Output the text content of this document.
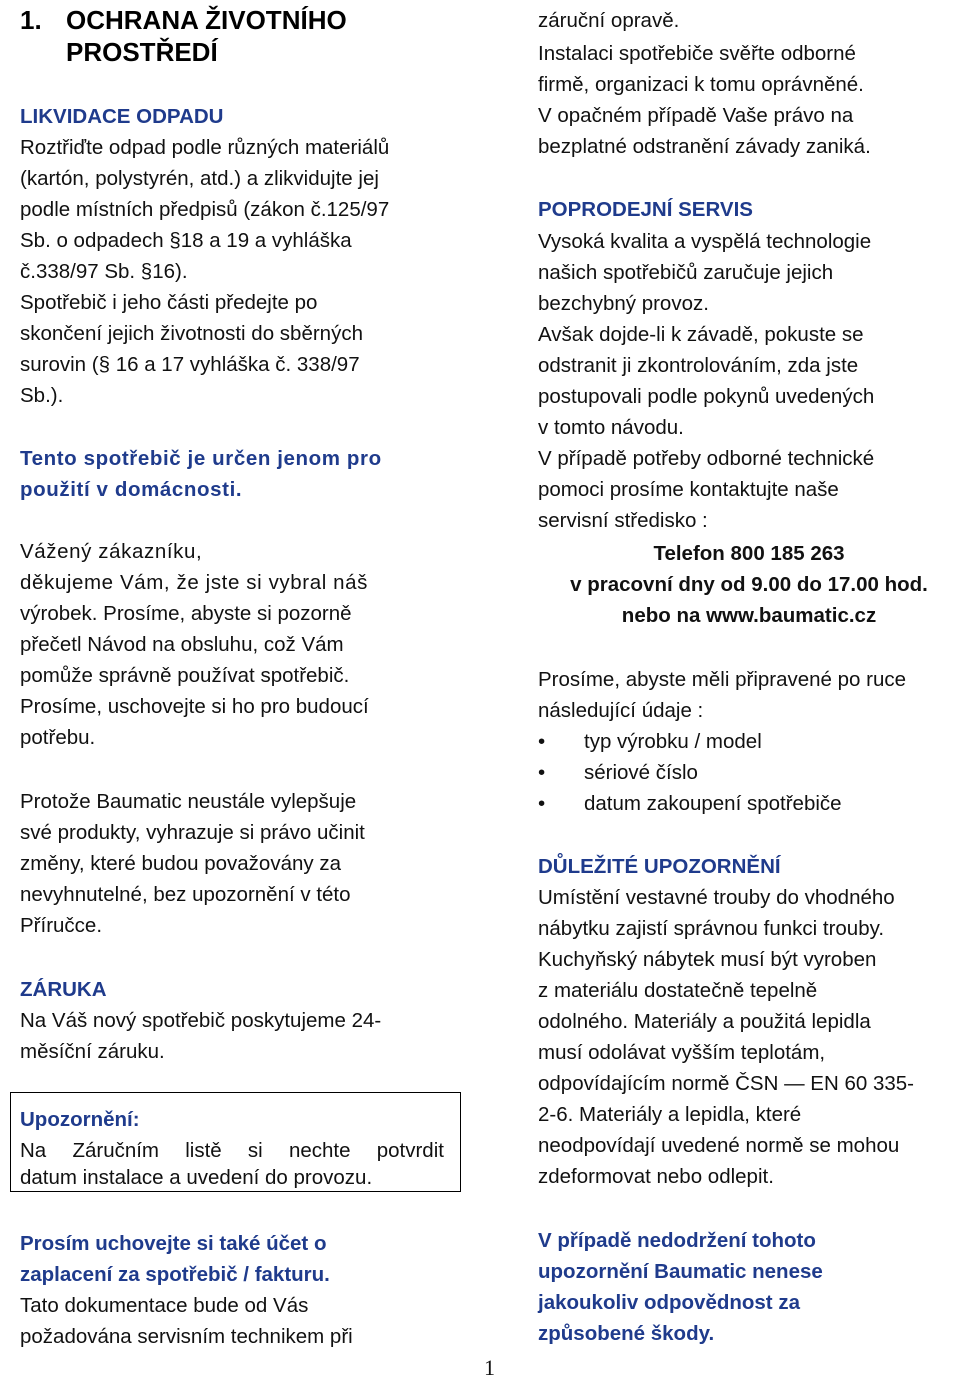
1. OCHRANA ŽIVOTNÍHO
PROSTŘEDÍ
LIKVIDACE ODPADU
Roztřiďte odpad podle různých materiálů
(kartón, polystyrén, atd.) a zlikvidujte jej
podle místních předpisů (zákon č.125/97
Sb. o odpadech §18 a 19 a vyhláška
č.338/97 Sb. §16).
Spotřebič i jeho části předejte po
skončení jejich životnosti do sběrných
surovin (§ 16 a 17 vyhláška č. 338/97
Sb.).
Tento spotřebič je určen jenom pro
použití v domácnosti.
Vážený zákazníku,
děkujeme Vám, že jste si vybral náš
výrobek. Prosíme, abyste si pozorně
přečetl Návod na obsluhu, což Vám
pomůže správně používat spotřebič.
Prosíme, uschovejte si ho pro budoucí
potřebu.
Protože Baumatic neustále vylepšuje
své produkty, vyhrazuje si právo učinit
změny, které budou považovány za
nevyhnutelné, bez upozornění v této
Příručce.
ZÁRUKA
Na Váš nový spotřebič poskytujeme 24-
měsíční záruku.
Upozornění:
Na Záručním listě si nechte potvrdit
datum instalace a uvedení do provozu.
Prosím uchovejte si také účet o
zaplacení za spotřebič / fakturu.
Tato dokumentace bude od Vás
požadována servisním technikem při
záruční opravě.
Instalaci spotřebiče svěřte odborné
firmě, organizaci k tomu oprávněné.
V opačném případě Vaše právo na
bezplatné odstranění závady zaniká.
POPRODEJNÍ SERVIS
Vysoká kvalita a vyspělá technologie
našich spotřebičů zaručuje jejich
bezchybný provoz.
Avšak dojde-li k závadě, pokuste se
odstranit ji zkontrolováním, zda jste
postupovali podle pokynů uvedených
v tomto návodu.
V případě potřeby odborné technické
pomoci prosíme kontaktujte naše
servisní středisko :
Telefon 800 185 263
v pracovní dny od 9.00 do 17.00 hod.
nebo na www.baumatic.cz
Prosíme, abyste měli připravené po ruce
následující údaje :
• typ výrobku / model
• sériové číslo
• datum zakoupení spotřebiče
DŮLEŽITÉ UPOZORNĚNÍ
Umístění vestavné trouby do vhodného
nábytku zajistí správnou funkci trouby.
Kuchyňský nábytek musí být vyroben
z materiálu dostatečně tepelně
odolného. Materiály a použitá lepidla
musí odolávat vyšším teplotám,
odpovídajícím normě ČSN — EN 60 335-
2-6. Materiály a lepidla, které
neodpovídají uvedené normě se mohou
zdeformovat nebo odlepit.
V případě nedodržení tohoto
upozornění Baumatic nenese
jakoukoliv odpovědnost za
způsobené škody.
1
